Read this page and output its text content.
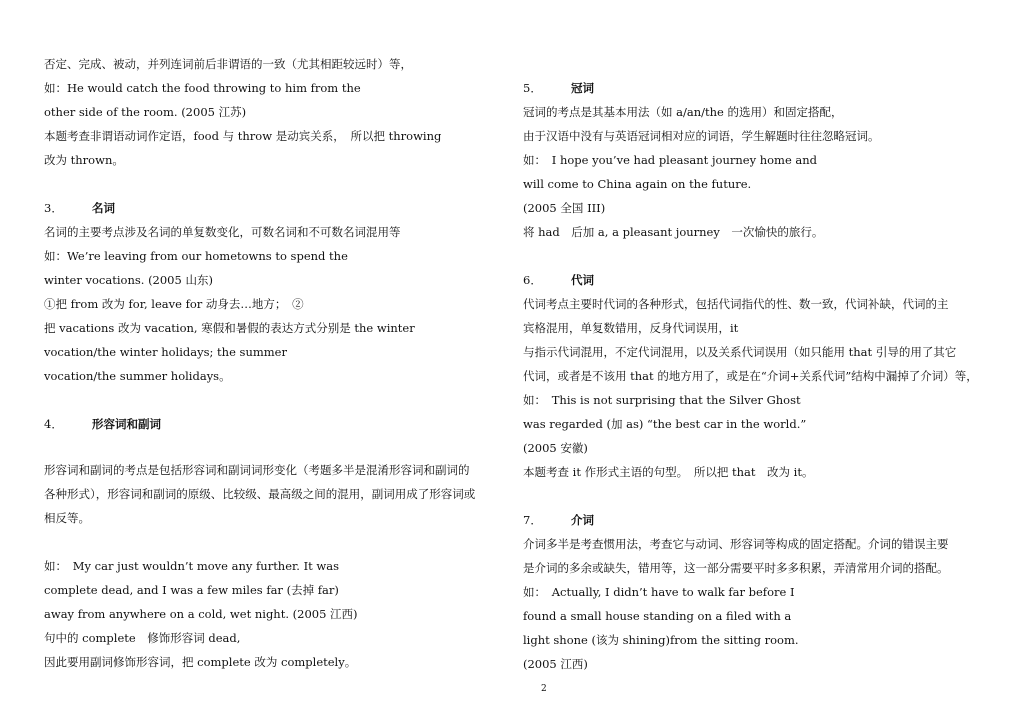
否定、完成、被动，并列连词前后非谓语的一致（尤其相距较远时）等，
如：He would catch the food throwing to him from the
other side of the room. (2005 江苏)
本题考查非谓语动词作定语，food 与 throw 是动宾关系，　所以把 throwing
改为 thrown。
3．	名词
名词的主要考点涉及名词的单复数变化，可数名词和不可数名词混用等
如：We’re leaving from our hometowns to spend the
winter vocations. (2005 山东)
①把 from 改为 for, leave for 动身去…地方；　②
把 vacations 改为 vacation, 寒假和暑假的表达方式分别是 the winter
vocation/the winter holidays; the summer
vocation/the summer holidays。
4．	形容词和副词
形容词和副词的考点是包括形容词和副词词形变化（考题多半是混淆形容词和副词的
各种形式），形容词和副词的原级、比较级、最高级之间的混用，副词用成了形容词或
相反等。
如：　My car just wouldn’t move any further. It was
complete dead, and I was a few miles far (去掉 far)
away from anywhere on a cold, wet night. (2005 江西)
句中的 complete　修饰形容词 dead,
因此要用副词修饰形容词，把 complete 改为 completely。
5．	冠词
冠词的考点是其基本用法（如 a/an/the 的选用）和固定搭配，
由于汉语中没有与英语冠词相对应的词语，学生解题时往往忽略冠词。
如：　I hope you’ve had pleasant journey home and
will come to China again on the future.
(2005 全国 III)
将 had　后加 a, a pleasant journey　一次愉快的旅行。
6．	代词
代词考点主要时代词的各种形式，包括代词指代的性、数一致，代词补缺，代词的主
宾格混用，单复数错用，反身代词误用，it
与指示代词混用，不定代词混用，以及关系代词误用（如只能用 that 引导的用了其它
代词，或者是不该用 that 的地方用了，或是在“介词+关系代词”结构中漏掉了介词）等，
如：　This is not surprising that the Silver Ghost
was regarded (加 as) “the best car in the world.”
(2005 安徽)
本题考查 it 作形式主语的句型。　所以把 that　改为 it。
7．	介词
介词多半是考查惯用法，考查它与动词、形容词等构成的固定搭配。介词的错误主要
是介词的多余或缺失，错用等，这一部分需要平时多多积累，弄清常用介词的搭配。
如：　Actually, I didn’t have to walk far before I
found a small house standing on a filed with a
light shone (该为 shining)from the sitting room.
(2005 江西)
2
